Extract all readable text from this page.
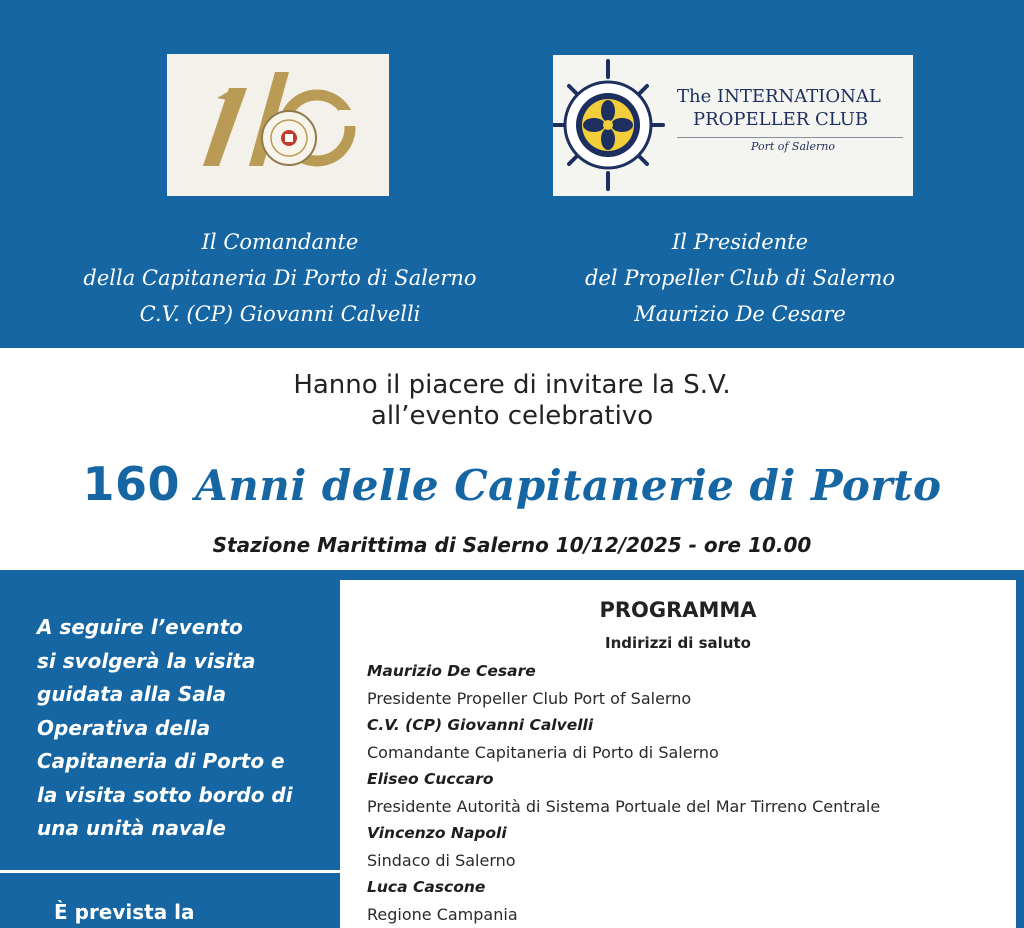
The INTERNATIONAL
PROPELLER CLUB
Port of Salerno
Il Comandante
della Capitaneria Di Porto di Salerno
C.V. (CP) Giovanni Calvelli
Il Presidente
del Propeller Club di Salerno
Maurizio De Cesare
Hanno il piacere di invitare la S.V.
all’evento celebrativo
160 Anni delle Capitanerie di Porto
Stazione Marittima di Salerno 10/12/2025 - ore 10.00
A seguire l’evento
si svolgerà la visita
guidata alla Sala
Operativa della
Capitaneria di Porto e
la visita sotto bordo di
una unità navale
È prevista la
PROGRAMMA
Indirizzi di saluto
Maurizio De Cesare
Presidente Propeller Club Port of Salerno
C.V. (CP) Giovanni Calvelli
Comandante Capitaneria di Porto di Salerno
Eliseo Cuccaro
Presidente Autorità di Sistema Portuale del Mar Tirreno Centrale
Vincenzo Napoli
Sindaco di Salerno
Luca Cascone
Regione Campania
